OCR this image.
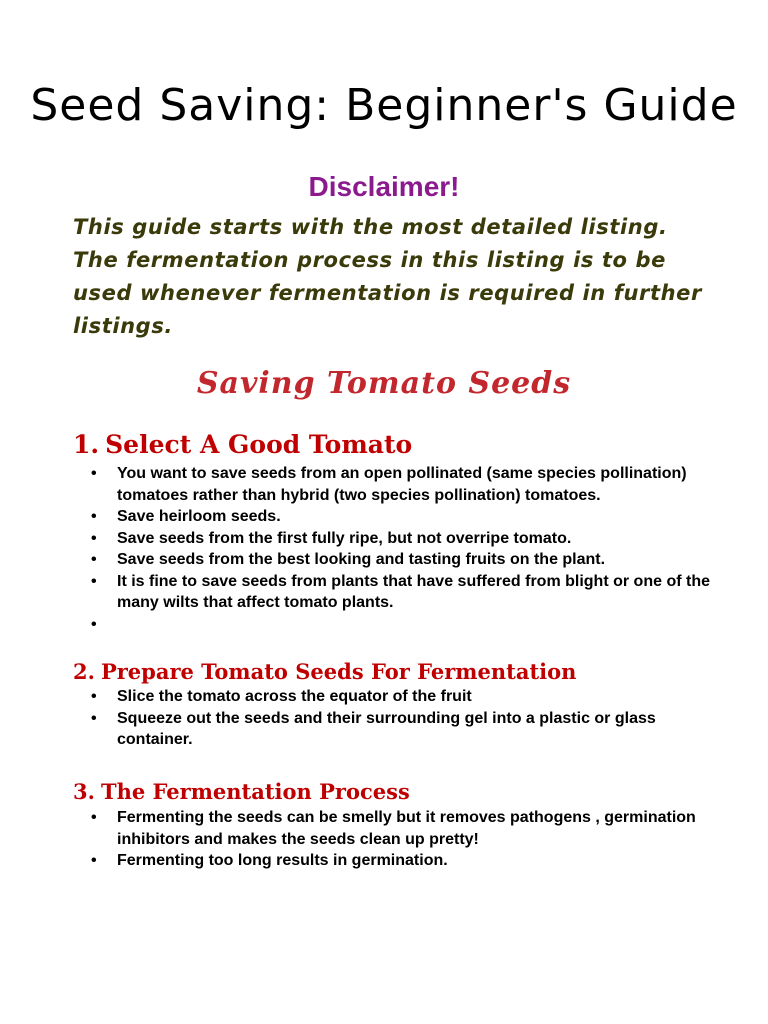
Seed Saving: Beginner's Guide
Disclaimer!

This guide starts with the most detailed listing. The fermentation process in this listing is to be used whenever fermentation is required in further listings.

Saving Tomato Seeds
1. Select A Good Tomato
• You want to save seeds from an open pollinated (same species pollination) tomatoes rather than hybrid (two species pollination) tomatoes.
• Save heirloom seeds.
• Save seeds from the first fully ripe, but not overripe tomato.
• Save seeds from the best looking and tasting fruits on the plant.
• It is fine to save seeds from plants that have suffered from blight or one of the many wilts that affect tomato plants.
•
2. Prepare Tomato Seeds For Fermentation
• Slice the tomato across the equator of the fruit
• Squeeze out the seeds and their surrounding gel into a plastic or glass container.
3. The Fermentation Process
• Fermenting the seeds can be smelly but it removes pathogens , germination inhibitors and makes the seeds clean up pretty!
• Fermenting too long results in germination.
